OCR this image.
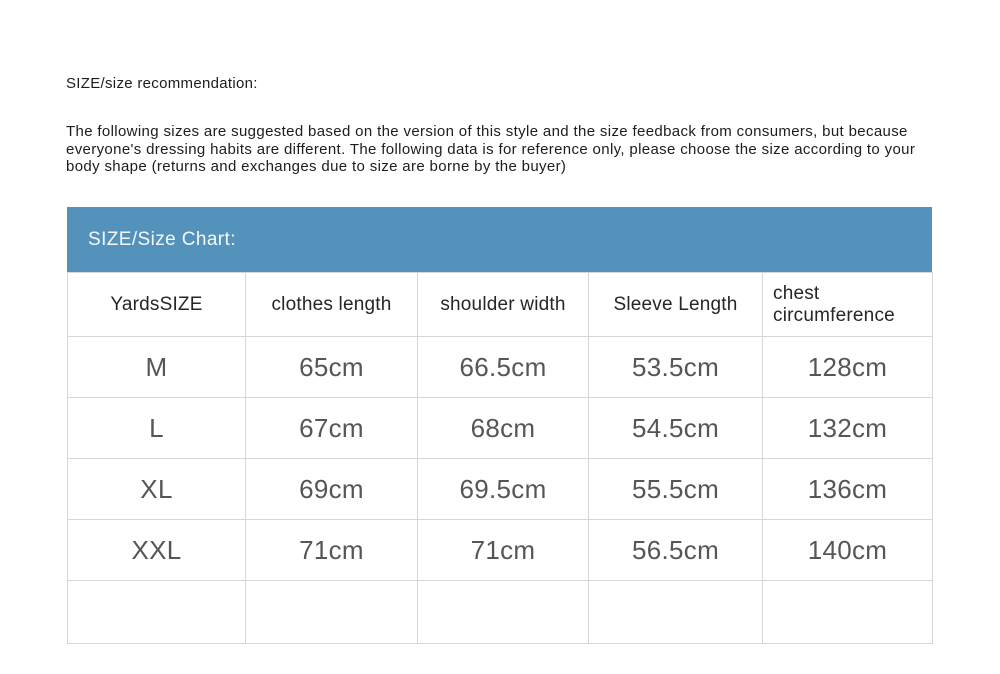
SIZE/size recommendation:
The following sizes are suggested based on the version of this style and the size feedback from consumers, but because everyone's dressing habits are different. The following data is for reference only, please choose the size according to your body shape (returns and exchanges due to size are borne by the buyer)
SIZE/Size Chart:
YardsSIZE	clothes length	shoulder width	Sleeve Length	chest circumference
M	65cm	66.5cm	53.5cm	128cm
L	67cm	68cm	54.5cm	132cm
XL	69cm	69.5cm	55.5cm	136cm
XXL	71cm	71cm	56.5cm	140cm
